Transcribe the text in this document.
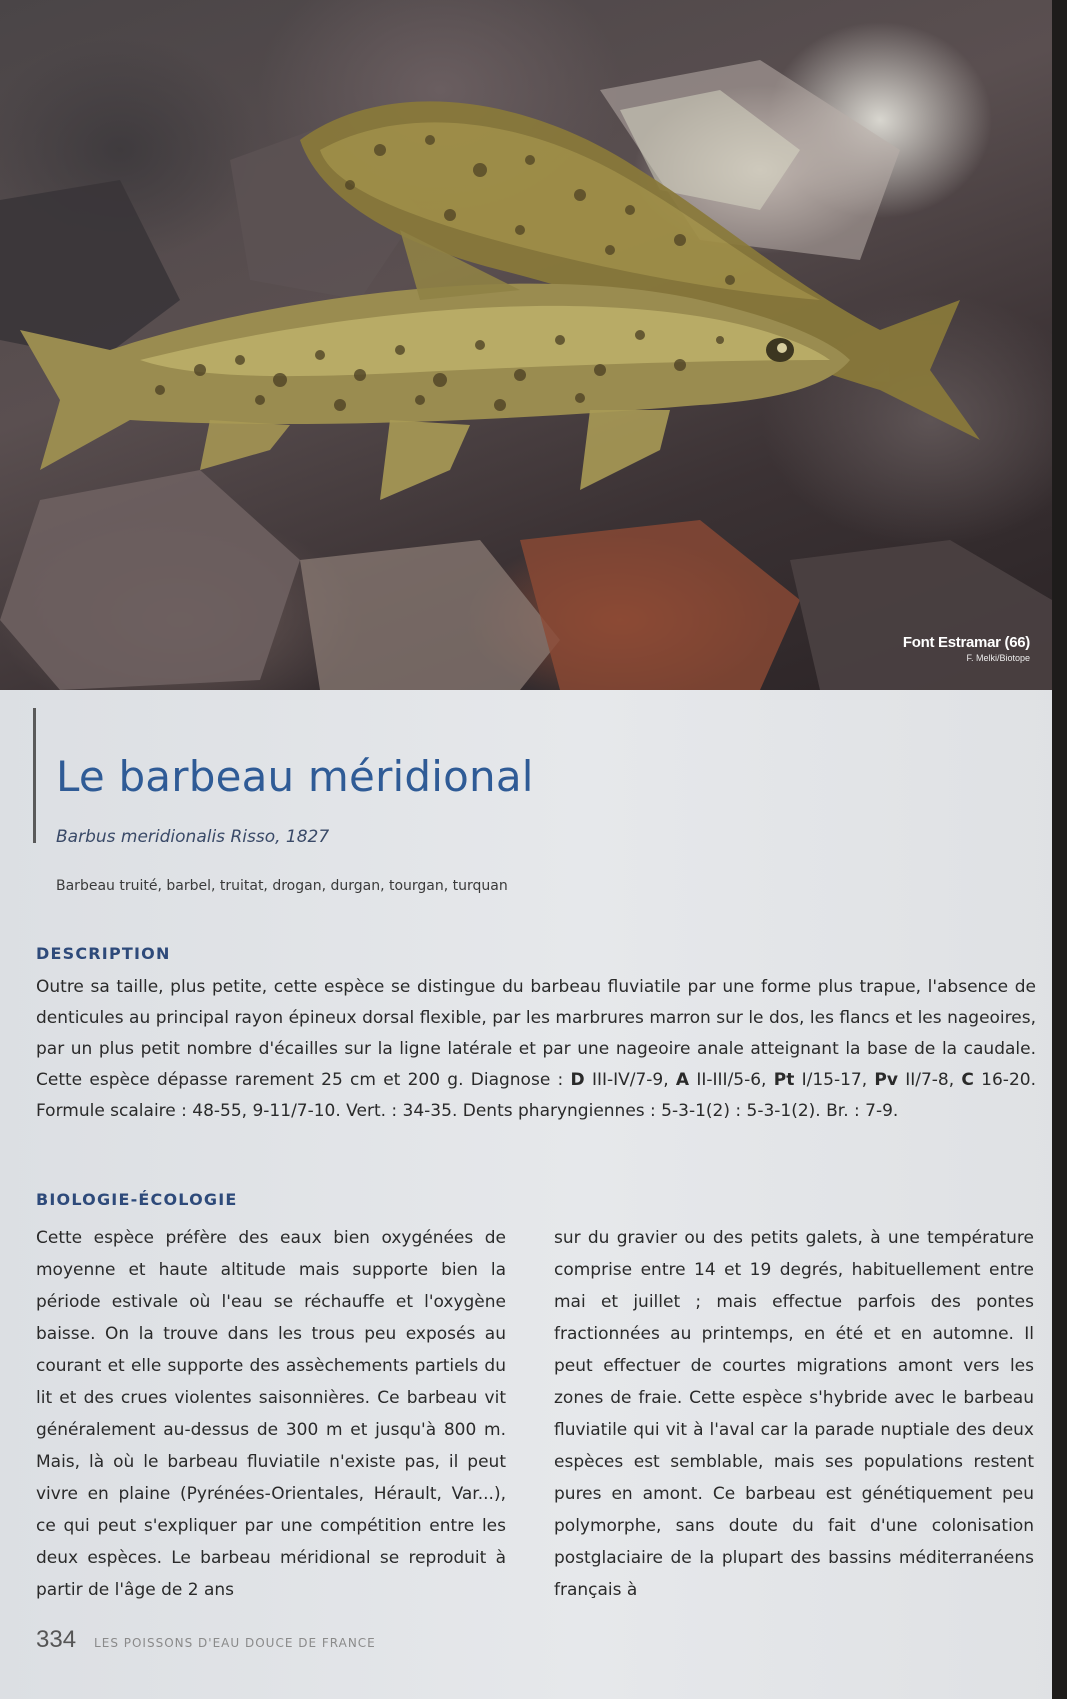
Font Estramar (66)
F. Melki/Biotope
Le barbeau méridional
Barbus meridionalis Risso, 1827
Barbeau truité, barbel, truitat, drogan, durgan, tourgan, turquan
DESCRIPTION

Outre sa taille, plus petite, cette espèce se distingue du barbeau fluviatile par une forme plus trapue, l'absence de denticules au principal rayon épineux dorsal flexible, par les marbrures marron sur le dos, les flancs et les nageoires, par un plus petit nombre d'écailles sur la ligne latérale et par une nageoire anale atteignant la base de la caudale. Cette espèce dépasse rarement 25 cm et 200 g. Diagnose : D III-IV/7-9, A II-III/5-6, Pt I/15-17, Pv II/7-8, C 16-20. Formule scalaire : 48-55, 9-11/7-10. Vert. : 34-35. Dents pharyngiennes : 5-3-1(2) : 5-3-1(2). Br. : 7-9.

BIOLOGIE-ÉCOLOGIE

Cette espèce préfère des eaux bien oxygénées de moyenne et haute altitude mais supporte bien la période estivale où l'eau se réchauffe et l'oxygène baisse. On la trouve dans les trous peu exposés au courant et elle supporte des assèchements partiels du lit et des crues violentes saisonnières. Ce barbeau vit généralement au-dessus de 300 m et jusqu'à 800 m. Mais, là où le barbeau fluviatile n'existe pas, il peut vivre en plaine (Pyrénées-Orientales, Hérault, Var...), ce qui peut s'expliquer par une compétition entre les deux espèces. Le barbeau méridional se reproduit à partir de l'âge de 2 ans

sur du gravier ou des petits galets, à une température comprise entre 14 et 19 degrés, habituellement entre mai et juillet ; mais effectue parfois des pontes fractionnées au printemps, en été et en automne. Il peut effectuer de courtes migrations amont vers les zones de fraie. Cette espèce s'hybride avec le barbeau fluviatile qui vit à l'aval car la parade nuptiale des deux espèces est semblable, mais ses populations restent pures en amont. Ce barbeau est génétiquement peu polymorphe, sans doute du fait d'une colonisation postglaciaire de la plupart des bassins méditerranéens français à

334 LES POISSONS D'EAU DOUCE DE FRANCE
